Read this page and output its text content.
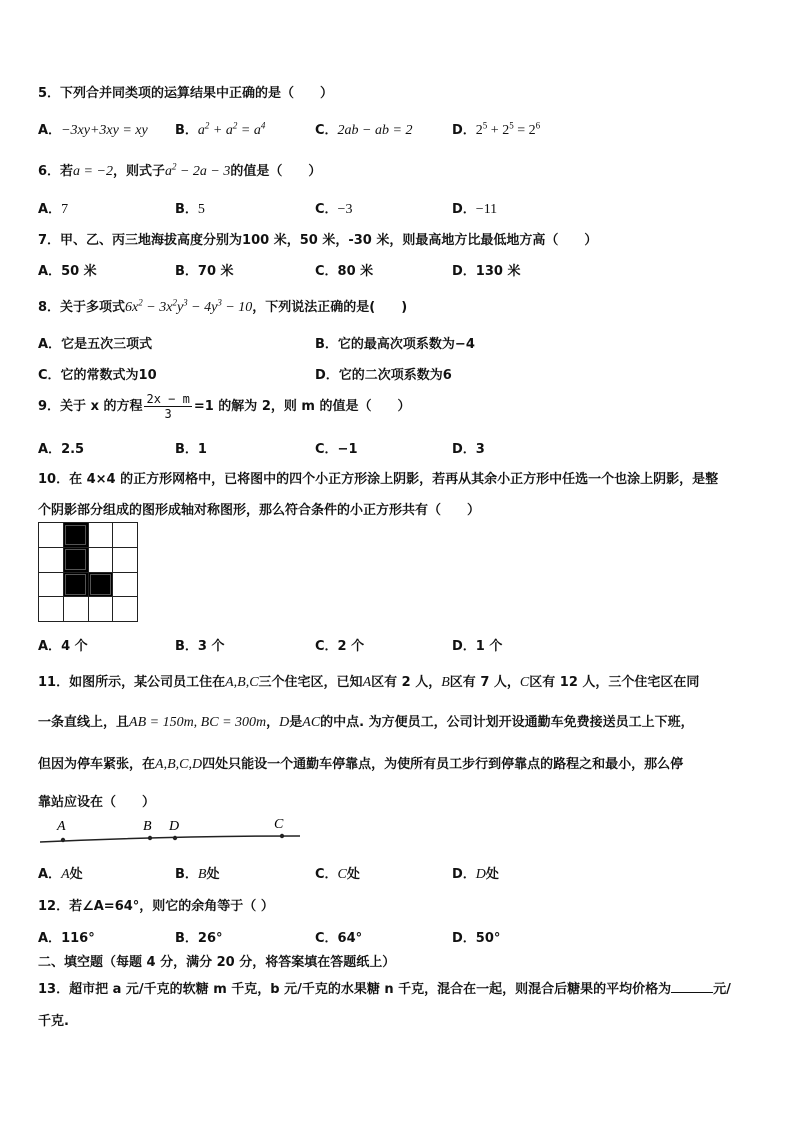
5．下列合并同类项的运算结果中正确的是（　　）
A．−3xy+3xy = xy B．$a^2 + a^2 = a^4$	C．2ab − ab = 2	D．$2^5 + 2^5 = 2^6$
6．若a = −2，则式子$a^2 - 2a - 3$的值是（　　）
A．7	B．5	C．−3	D．−11
7．甲、乙、丙三地海拔高度分别为100 米，50 米，-30 米，则最高地方比最低地方高（　　）
A．50 米	B．70 米	C．80 米	D．130 米
8．关于多项式$6x^2 - 3x^2y^3 - 4y^3 - 10$，下列说法正确的是(　　)
A．它是五次三项式	B．它的最高次项系数为−4
C．它的常数式为10	D．它的二次项系数为6
9．关于 x 的方程 $\frac{2x - m}{3} =1$ 的解为 2，则 m 的值是（　　）
A．2.5	B．1	C．−1	D．3
10．在 4×4 的正方形网格中，已将图中的四个小正方形涂上阴影，若再从其余小正方形中任选一个也涂上阴影，是整
个阴影部分组成的图形成轴对称图形，那么符合条件的小正方形共有（　　）

A．4 个	B．3 个	C．2 个	D．1 个
11．如图所示，某公司员工住在A,B,C三个住宅区，已知A区有 2 人，B区有 7 人，C区有 12 人，三个住宅区在同
一条直线上，且AB = 150m, BC = 300m，D是AC的中点. 为方便员工，公司计划开设通勤车免费接送员工上下班，
但因为停车紧张，在A,B,C,D四处只能设一个通勤车停靠点，为使所有员工步行到停靠点的路程之和最小，那么停
靠站应设在（　　）
A	B D	C
A．A处	B．B处	C．C处	D．D处
12．若∠A=64°，则它的余角等于（ ）
A．116°	B．26°	C．64°	D．50°
二、填空题（每题 4 分，满分 20 分，将答案填在答题纸上）
13．超市把 a 元/千克的软糖 m 千克，b 元/千克的水果糖 n 千克，混合在一起，则混合后糖果的平均价格为	元/
千克.
